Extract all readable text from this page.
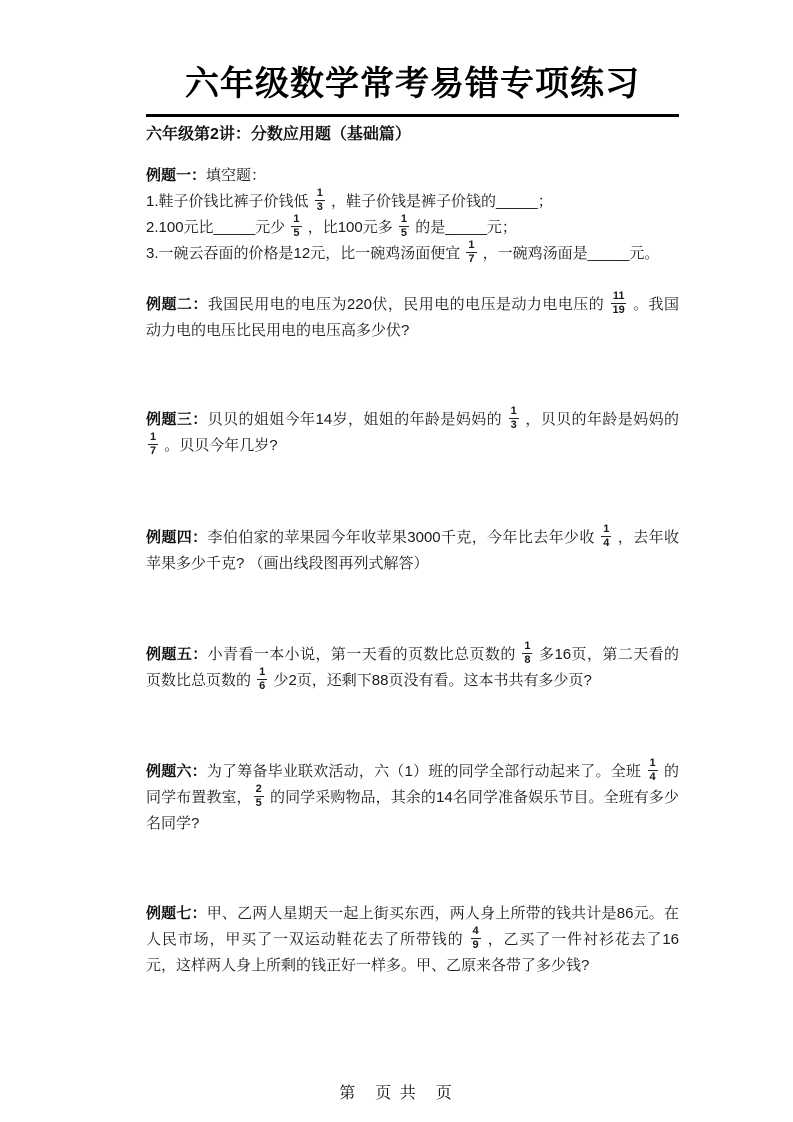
六年级数学常考易错专项练习
六年级第2讲：分数应用题（基础篇）

例题一：填空题：
1.鞋子价钱比裤子价钱低 $\frac{1}{3}$ ，鞋子价钱是裤子价钱的_____；
2.100元比_____元少 $\frac{1}{5}$ ，比100元多 $\frac{1}{5}$ 的是_____元；
3.一碗云吞面的价格是12元，比一碗鸡汤面便宜 $\frac{1}{7}$ ，一碗鸡汤面是_____元。

例题二：我国民用电的电压为220伏，民用电的电压是动力电电压的 $\frac{11}{19}$ 。我国动力电的电压比民用电的电压高多少伏?

例题三：贝贝的姐姐今年14岁，姐姐的年龄是妈妈的 $\frac{1}{3}$ ，贝贝的年龄是妈妈的
$\frac{1}{7}$ 。贝贝今年几岁?

例题四：李伯伯家的苹果园今年收苹果3000千克，今年比去年少收 $\frac{1}{4}$ ，去年收苹果多少千克? （画出线段图再列式解答）

例题五：小青看一本小说，第一天看的页数比总页数的 $\frac{1}{8}$ 多16页，第二天看的页数比总页数的 $\frac{1}{6}$ 少2页，还剩下88页没有看。这本书共有多少页?

例题六：为了筹备毕业联欢活动，六（1）班的同学全部行动起来了。全班 $\frac{1}{4}$ 的同学布置教室， $\frac{2}{5}$ 的同学采购物品，其余的14名同学准备娱乐节目。全班有多少名同学?

例题七：甲、乙两人星期天一起上街买东西，两人身上所带的钱共计是86元。在人民市场，甲买了一双运动鞋花去了所带钱的 $\frac{4}{9}$ ，乙买了一件衬衫花去了16元，这样两人身上所剩的钱正好一样多。甲、乙原来各带了多少钱?

第　页 共　页
